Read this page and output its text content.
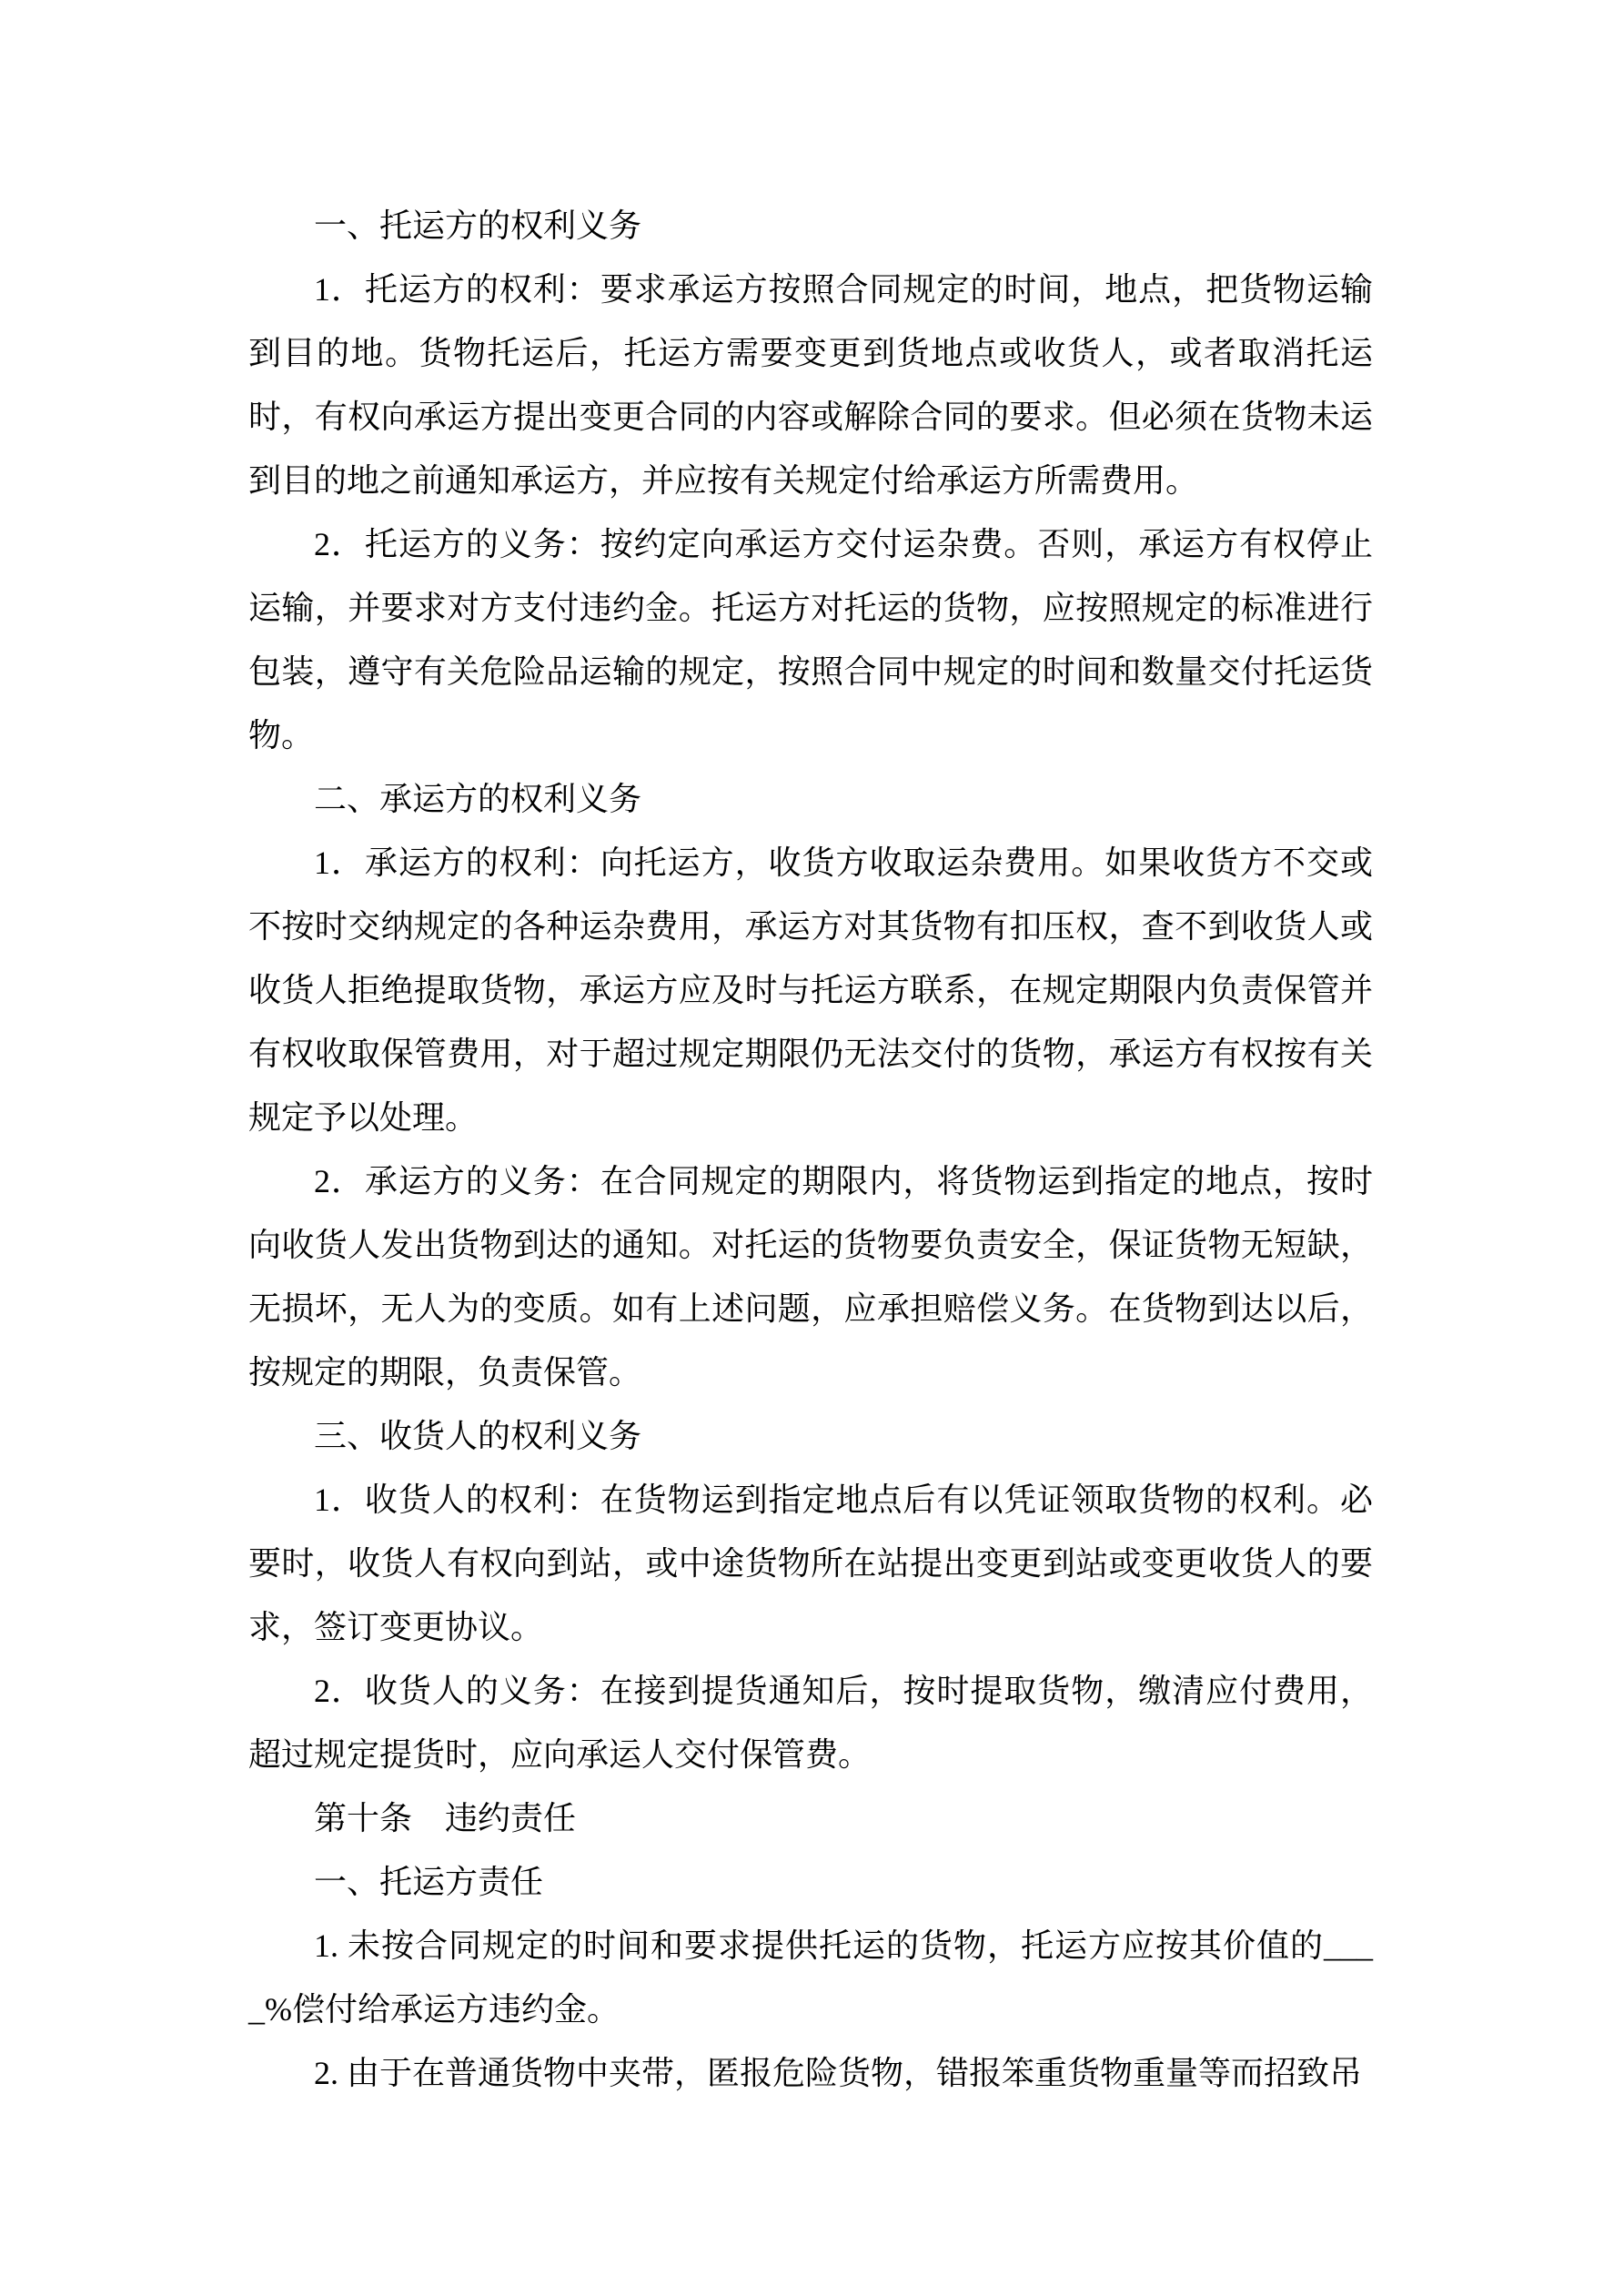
一、托运方的权利义务

1．托运方的权利：要求承运方按照合同规定的时间，地点，把货物运输到目的地。货物托运后，托运方需要变更到货地点或收货人，或者取消托运时，有权向承运方提出变更合同的内容或解除合同的要求。但必须在货物未运到目的地之前通知承运方，并应按有关规定付给承运方所需费用。

2．托运方的义务：按约定向承运方交付运杂费。否则，承运方有权停止运输，并要求对方支付违约金。托运方对托运的货物，应按照规定的标准进行包装，遵守有关危险品运输的规定，按照合同中规定的时间和数量交付托运货物。

二、承运方的权利义务

1．承运方的权利：向托运方，收货方收取运杂费用。如果收货方不交或不按时交纳规定的各种运杂费用，承运方对其货物有扣压权，查不到收货人或收货人拒绝提取货物，承运方应及时与托运方联系，在规定期限内负责保管并有权收取保管费用，对于超过规定期限仍无法交付的货物，承运方有权按有关规定予以处理。

2．承运方的义务：在合同规定的期限内，将货物运到指定的地点，按时向收货人发出货物到达的通知。对托运的货物要负责安全，保证货物无短缺，无损坏，无人为的变质。如有上述问题，应承担赔偿义务。在货物到达以后，按规定的期限，负责保管。

三、收货人的权利义务

1．收货人的权利：在货物运到指定地点后有以凭证领取货物的权利。必要时，收货人有权向到站，或中途货物所在站提出变更到站或变更收货人的要求，签订变更协议。

2．收货人的义务：在接到提货通知后，按时提取货物，缴清应付费用，超过规定提货时，应向承运人交付保管费。

第十条　违约责任

一、托运方责任

1. 未按合同规定的时间和要求提供托运的货物，托运方应按其价值的____%偿付给承运方违约金。

2. 由于在普通货物中夹带，匿报危险货物，错报笨重货物重量等而招致吊
